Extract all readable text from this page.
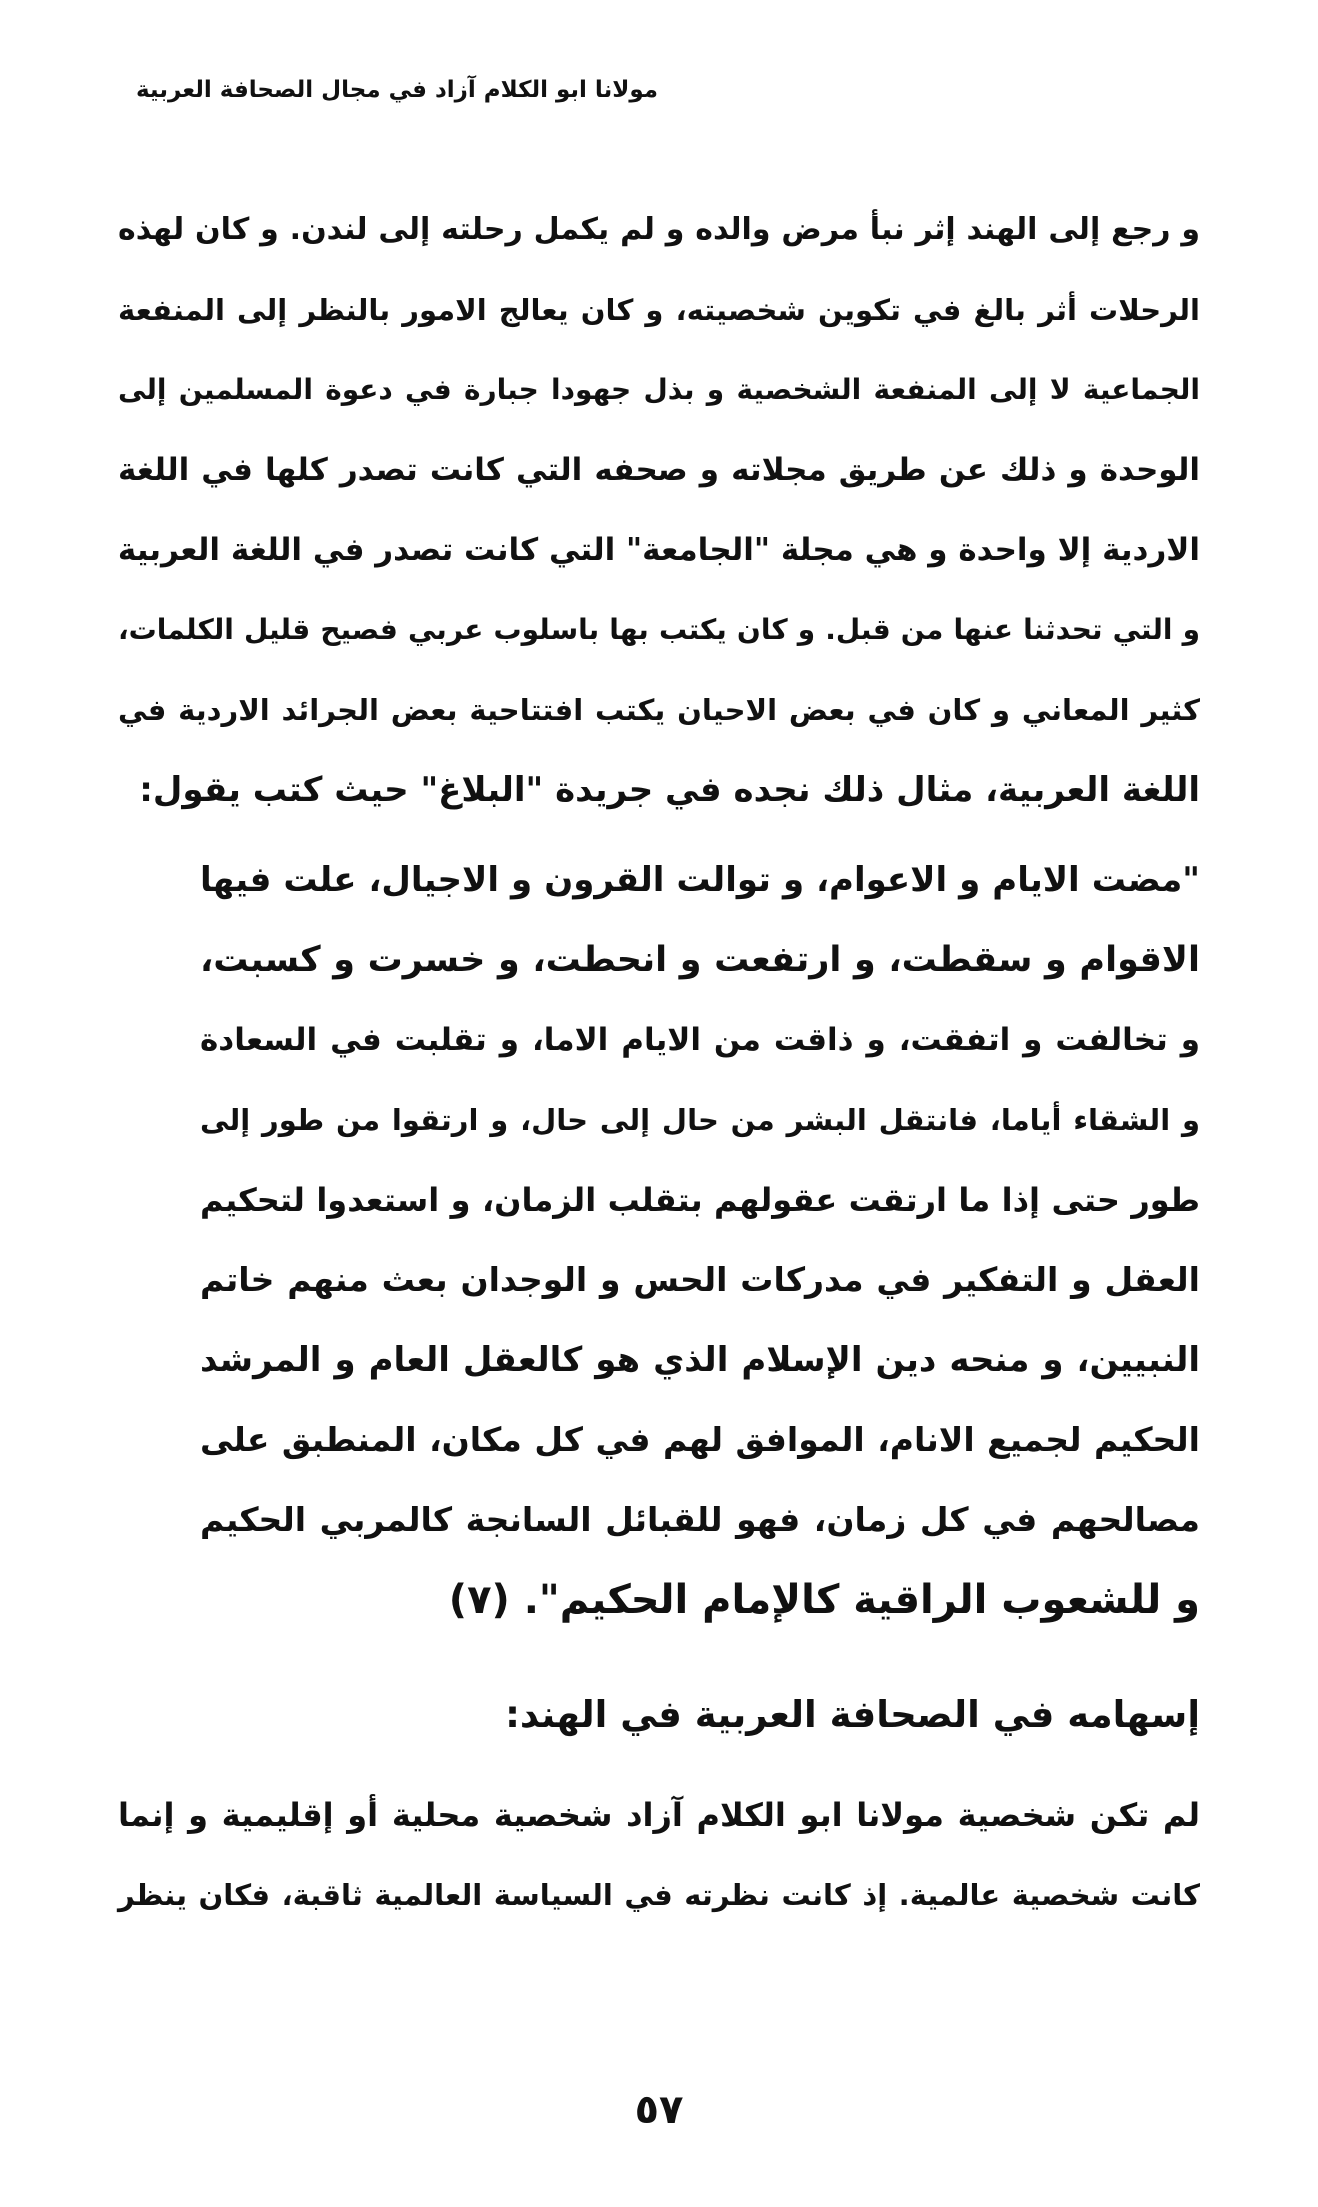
مولانا ابو الكلام آزاد في مجال الصحافة العربية
و رجع إلى الهند إثر نبأ مرض والده و لم يكمل رحلته إلى لندن. و كان لهذه
الرحلات أثر بالغ في تكوين شخصيته، و كان يعالج الامور بالنظر إلى المنفعة
الجماعية لا إلى المنفعة الشخصية و بذل جهودا جبارة في دعوة المسلمين إلى
الوحدة و ذلك عن طريق مجلاته و صحفه التي كانت تصدر كلها في اللغة
الاردية إلا واحدة و هي مجلة "الجامعة" التي كانت تصدر في اللغة العربية
و التي تحدثنا عنها من قبل. و كان يكتب بها باسلوب عربي فصيح قليل الكلمات،
كثير المعاني و كان في بعض الاحيان يكتب افتتاحية بعض الجرائد الاردية في
اللغة العربية، مثال ذلك نجده في جريدة "البلاغ" حيث كتب يقول:
"مضت الايام و الاعوام، و توالت القرون و الاجيال، علت فيها
الاقوام و سقطت، و ارتفعت و انحطت، و خسرت و كسبت،
و تخالفت و اتفقت، و ذاقت من الايام الاما، و تقلبت في السعادة
و الشقاء أياما، فانتقل البشر من حال إلى حال، و ارتقوا من طور إلى
طور حتى إذا ما ارتقت عقولهم بتقلب الزمان، و استعدوا لتحكيم
العقل و التفكير في مدركات الحس و الوجدان بعث منهم خاتم
النبيين، و منحه دين الإسلام الذي هو كالعقل العام و المرشد
الحكيم لجميع الانام، الموافق لهم في كل مكان، المنطبق على
مصالحهم في كل زمان، فهو للقبائل السانجة كالمربي الحكيم
و للشعوب الراقية كالإمام الحكيم". (٧)
إسهامه في الصحافة العربية في الهند:
لم تكن شخصية مولانا ابو الكلام آزاد شخصية محلية أو إقليمية و إنما
كانت شخصية عالمية. إذ كانت نظرته في السياسة العالمية ثاقبة، فكان ينظر
٥٧
